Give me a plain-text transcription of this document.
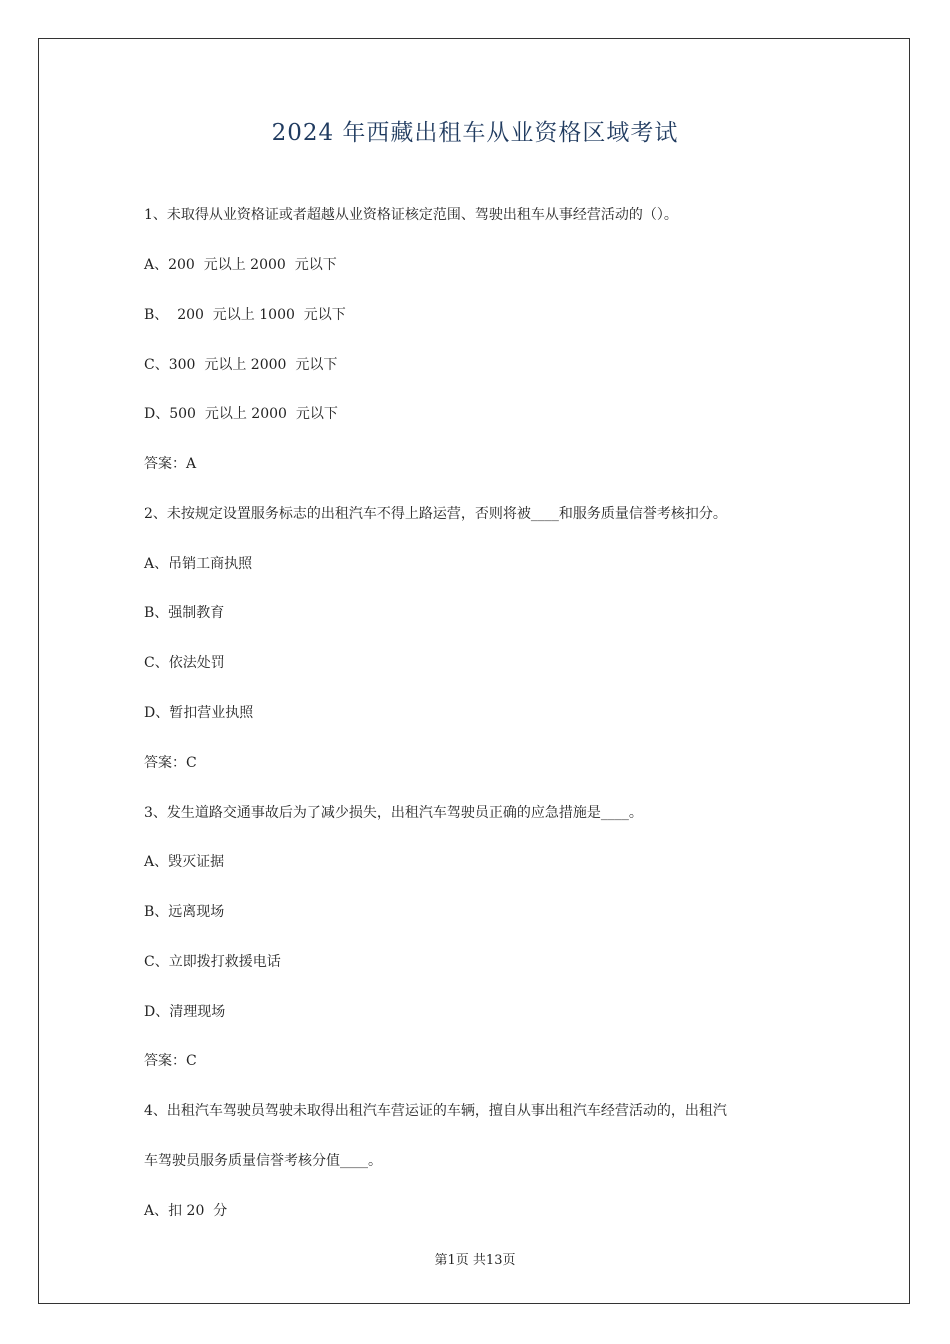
2024 年西藏出租车从业资格区域考试
1、未取得从业资格证或者超越从业资格证核定范围、驾驶出租车从事经营活动的（）。
A、200  元以上 2000  元以下
B、  200  元以上 1000  元以下
C、300  元以上 2000  元以下
D、500  元以上 2000  元以下
答案：A
2、未按规定设置服务标志的出租汽车不得上路运营，否则将被____和服务质量信誉考核扣分。
A、吊销工商执照
B、强制教育
C、依法处罚
D、暂扣营业执照
答案：C
3、发生道路交通事故后为了减少损失，出租汽车驾驶员正确的应急措施是____。
A、毁灭证据
B、远离现场
C、立即拨打救援电话
D、清理现场
答案：C
4、出租汽车驾驶员驾驶未取得出租汽车营运证的车辆，擅自从事出租汽车经营活动的，出租汽
车驾驶员服务质量信誉考核分值____。
A、扣 20  分
第1页 共13页
